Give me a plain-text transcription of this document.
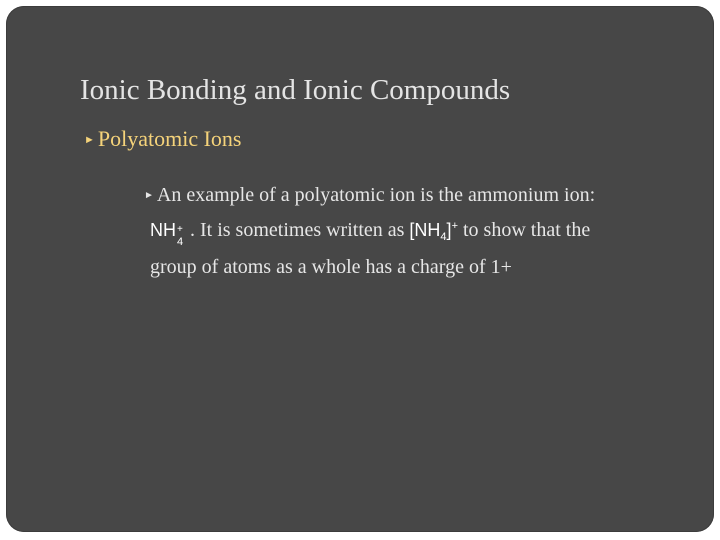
Ionic Bonding and Ionic Compounds
► Polyatomic Ions
► An example of a polyatomic ion is the ammonium ion:
NH +
4
. It is sometimes written as $[NH_4]^+$ to show that the
group of atoms as a whole has a charge of 1+
